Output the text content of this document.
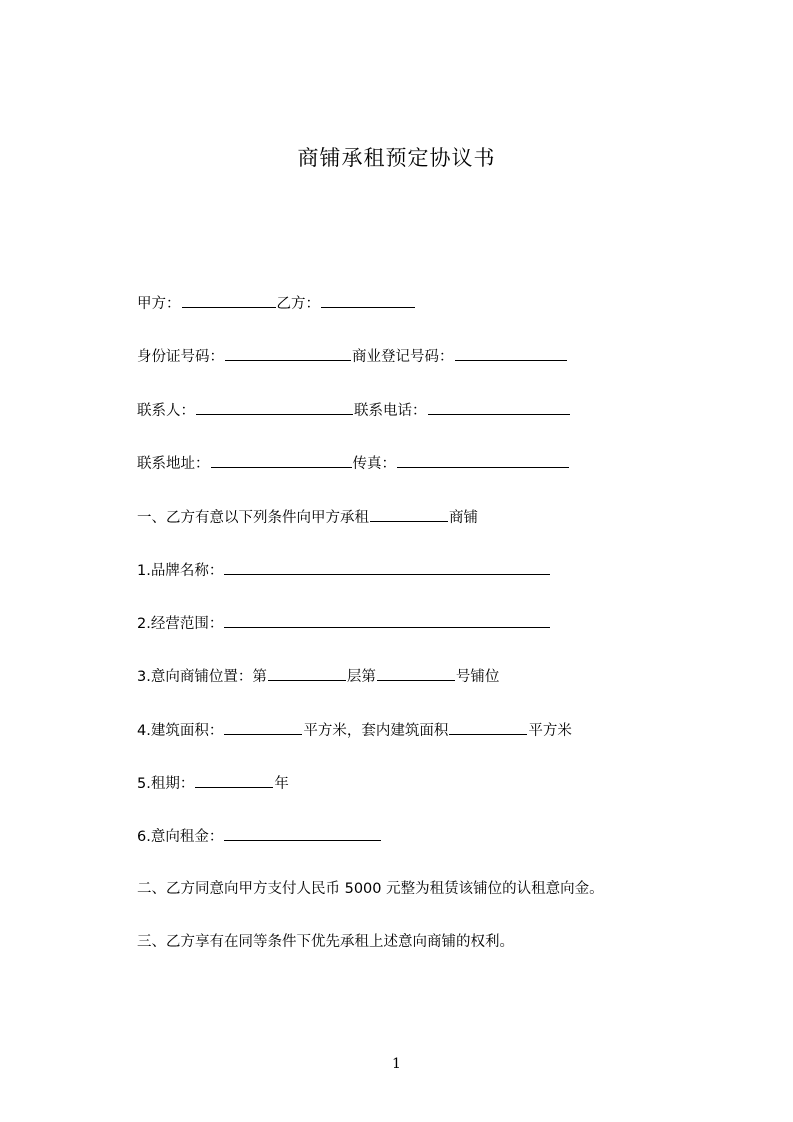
商铺承租预定协议书
甲方：	乙方：
身份证号码：	商业登记号码：
联系人：	联系电话：
联系地址：	传真：
一、乙方有意以下列条件向甲方承租	商铺
1.品牌名称：
2.经营范围：
3.意向商铺位置：第	层第	号铺位
4.建筑面积：	平方米，套内建筑面积	平方米
5.租期：	年
6.意向租金：
二、乙方同意向甲方支付人民币 5000 元整为租赁该铺位的认租意向金。
三、乙方享有在同等条件下优先承租上述意向商铺的权利。
1
